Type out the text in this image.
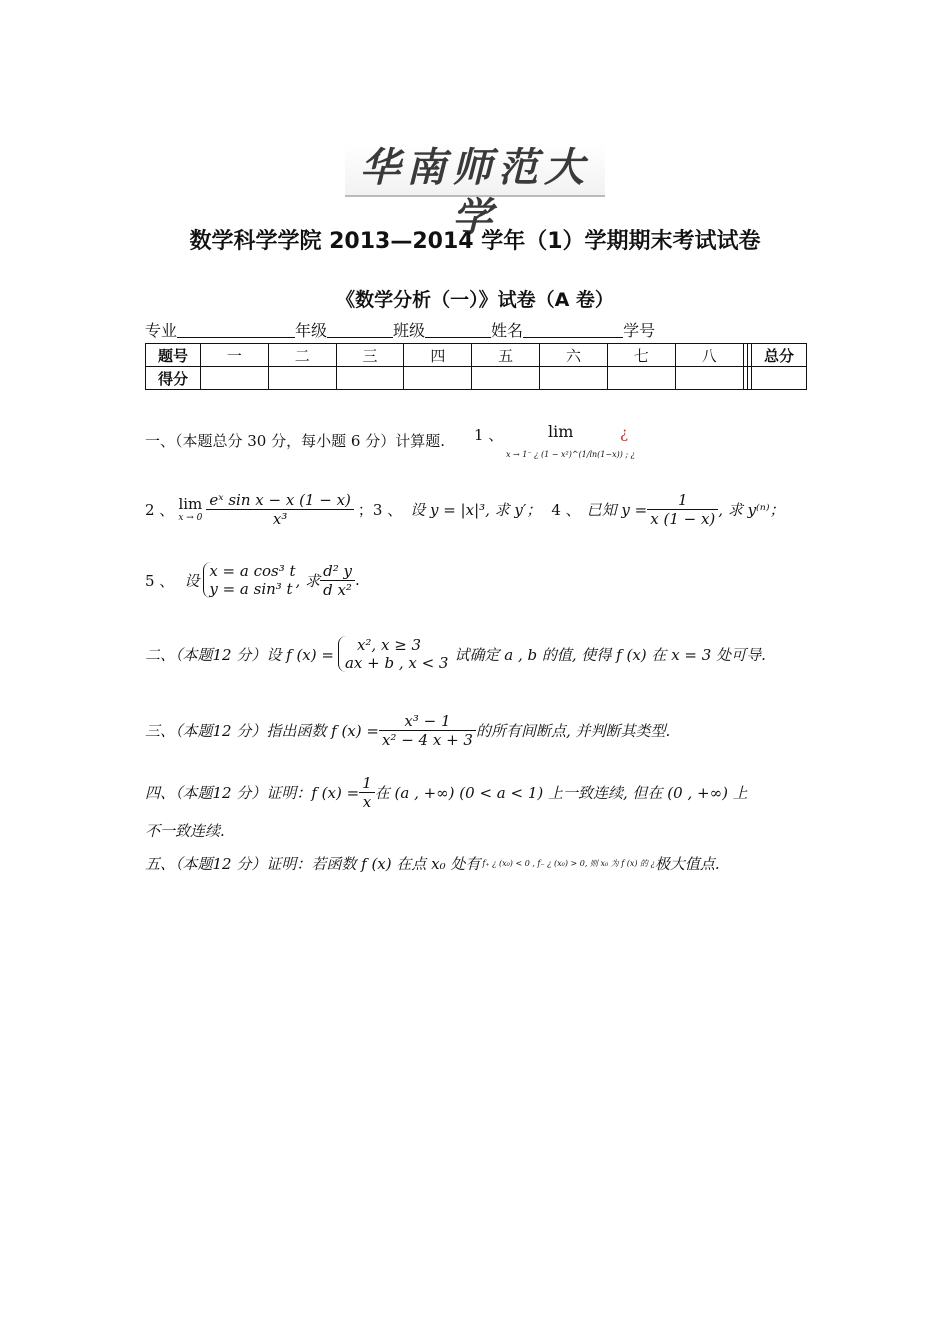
华南师范大学
数学科学学院 2013—2014 学年（1）学期期末考试试卷
《数学分析（一）》试卷（A 卷）
专业	年级	班级	姓名	学号
题号	一	二	三	四	五	六	七	八			总分
得分											
一、（本题总分 30 分，每小题 6 分）计算题. 1 、	lim
x → 1⁻ ¿ (1 − x²)^(1/ln(1−x)) ; ¿
¿
2 、 lim
$x \to 0 \frac{\text{eˣ sin x − x (1 − x)}}{\text{x³}}$ ；3 、 设 y = |x|³, 求 y′； 4 、 已知 $y = \frac{1}{x (1 - x)}$ , 求 y⁽ⁿ⁾；
5 、 设
x = a cos³ t
y = a sin³ t , 求 $\frac{\text{d² y}}{\text{d x²}}$ .
二、（本题12 分）设 f (x) =
x², x ≥ 3
ax + b , x < 3 试确定 a , b 的值, 使得 f (x) 在 x = 3 处可导.
三、（本题12 分）指出函数 f $(x) = \frac{\text{x³ − 1}}{\text{x² − 4 x + 3}}$ 的所有间断点, 并判断其类型.
四、（本题12 分）证明：f $(x) = \frac{1}{x}$ 在 (a , +∞) (0 < a < 1) 上一致连续, 但在 (0 , +∞) 上
不一致连续.
五、（本题12 分）证明：若函数 f (x) 在点 x₀ 处有 f₊ ¿ (x₀) < 0 , f₋ ¿ (x₀) > 0, 则 x₀ 为 f (x) 的 ¿ 极大值点.
